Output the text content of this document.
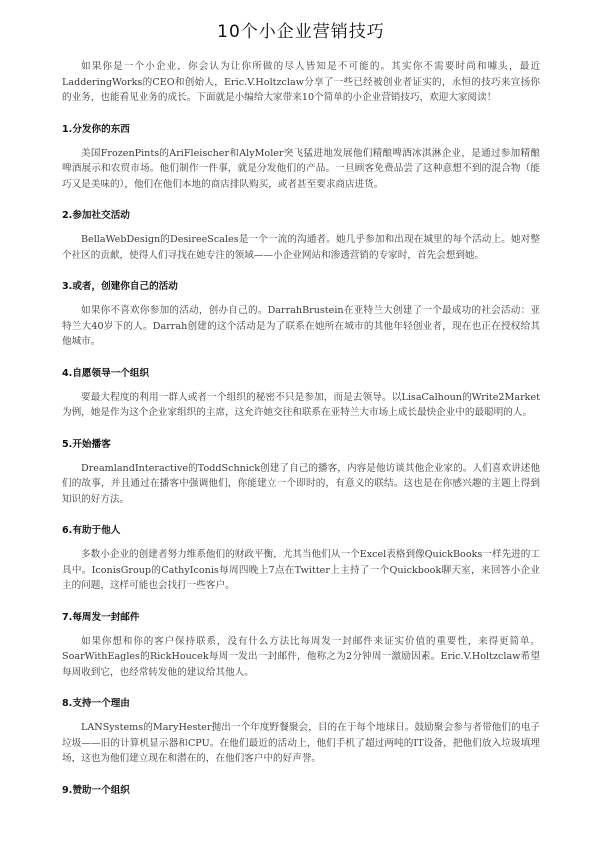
10个小企业营销技巧

如果你是一个小企业，你会认为让你所做的尽人皆知是不可能的。其实你不需要时尚和噱头，最近LadderingWorks的CEO和创始人，Eric.V.Holtzclaw分享了一些已经被创业者证实的，永恒的技巧来宣扬你的业务，也能看见业务的成长。下面就是小编给大家带来10个简单的小企业营销技巧，欢迎大家阅读！

1.分发你的东西

美国FrozenPints的AriFleischer和AlyMoler突飞猛进地发展他们精酿啤酒冰淇淋企业，是通过参加精酿啤酒展示和农贸市场。他们制作一件事，就是分发他们的产品。一旦顾客免费品尝了这种意想不到的混合物（能巧又是美味的），他们在他们本地的商店排队购买，或者甚至要求商店进货。

2.参加社交活动

BellaWebDesign的DesireeScales是一个一流的沟通者。她几乎参加和出现在城里的每个活动上。她对整个社区的贡献，使得人们寻找在她专注的领域——小企业网站和渗透营销的专家时，首先会想到她。

3.或者，创建你自己的活动

如果你不喜欢你参加的活动，创办自己的。DarrahBrustein在亚特兰大创建了一个最成功的社会活动：亚特兰大40岁下的人。Darrah创建的这个活动是为了联系在她所在城市的其他年轻创业者，现在也正在授权给其他城市。

4.自愿领导一个组织

要最大程度的利用一群人或者一个组织的秘密不只是参加，而是去领导。以LisaCalhoun的Write2Market为例，她是作为这个企业家组织的主席，这允许她交往和联系在亚特兰大市场上成长最快企业中的最聪明的人。

5.开始播客

DreamlandInteractive的ToddSchnick创建了自己的播客，内容是他访谈其他企业家的。人们喜欢讲述他们的故事，并且通过在播客中强调他们，你能建立一个即时的，有意义的联结。这也是在你感兴趣的主题上得到知识的好方法。

6.有助于他人

多数小企业的创建者努力维系他们的财政平衡，尤其当他们从一个Excel表格到像QuickBooks一样先进的工具中。IconisGroup的CathyIconis每周四晚上7点在Twitter上主持了一个Quickbook聊天室，来回答小企业主的问题，这样可能也会找打一些客户。

7.每周发一封邮件

如果你想和你的客户保持联系，没有什么方法比每周发一封邮件来证实价值的重要性，来得更简单。SoarWithEagles的RickHoucek每周一发出一封邮件，他称之为2分钟周一激励因素。Eric.V.Holtzclaw希望每周收到它，也经常转发他的建议给其他人。

8.支持一个理由

LANSystems的MaryHester抛出一个年度野餐聚会，目的在于每个地球日。鼓励聚会参与者带他们的电子垃圾——旧的计算机显示器和CPU。在他们最近的活动上，他们手机了超过两吨的IT设备，把他们放入垃圾填埋场，这也为他们建立现在和潜在的，在他们客户中的好声誉。

9.赞助一个组织
